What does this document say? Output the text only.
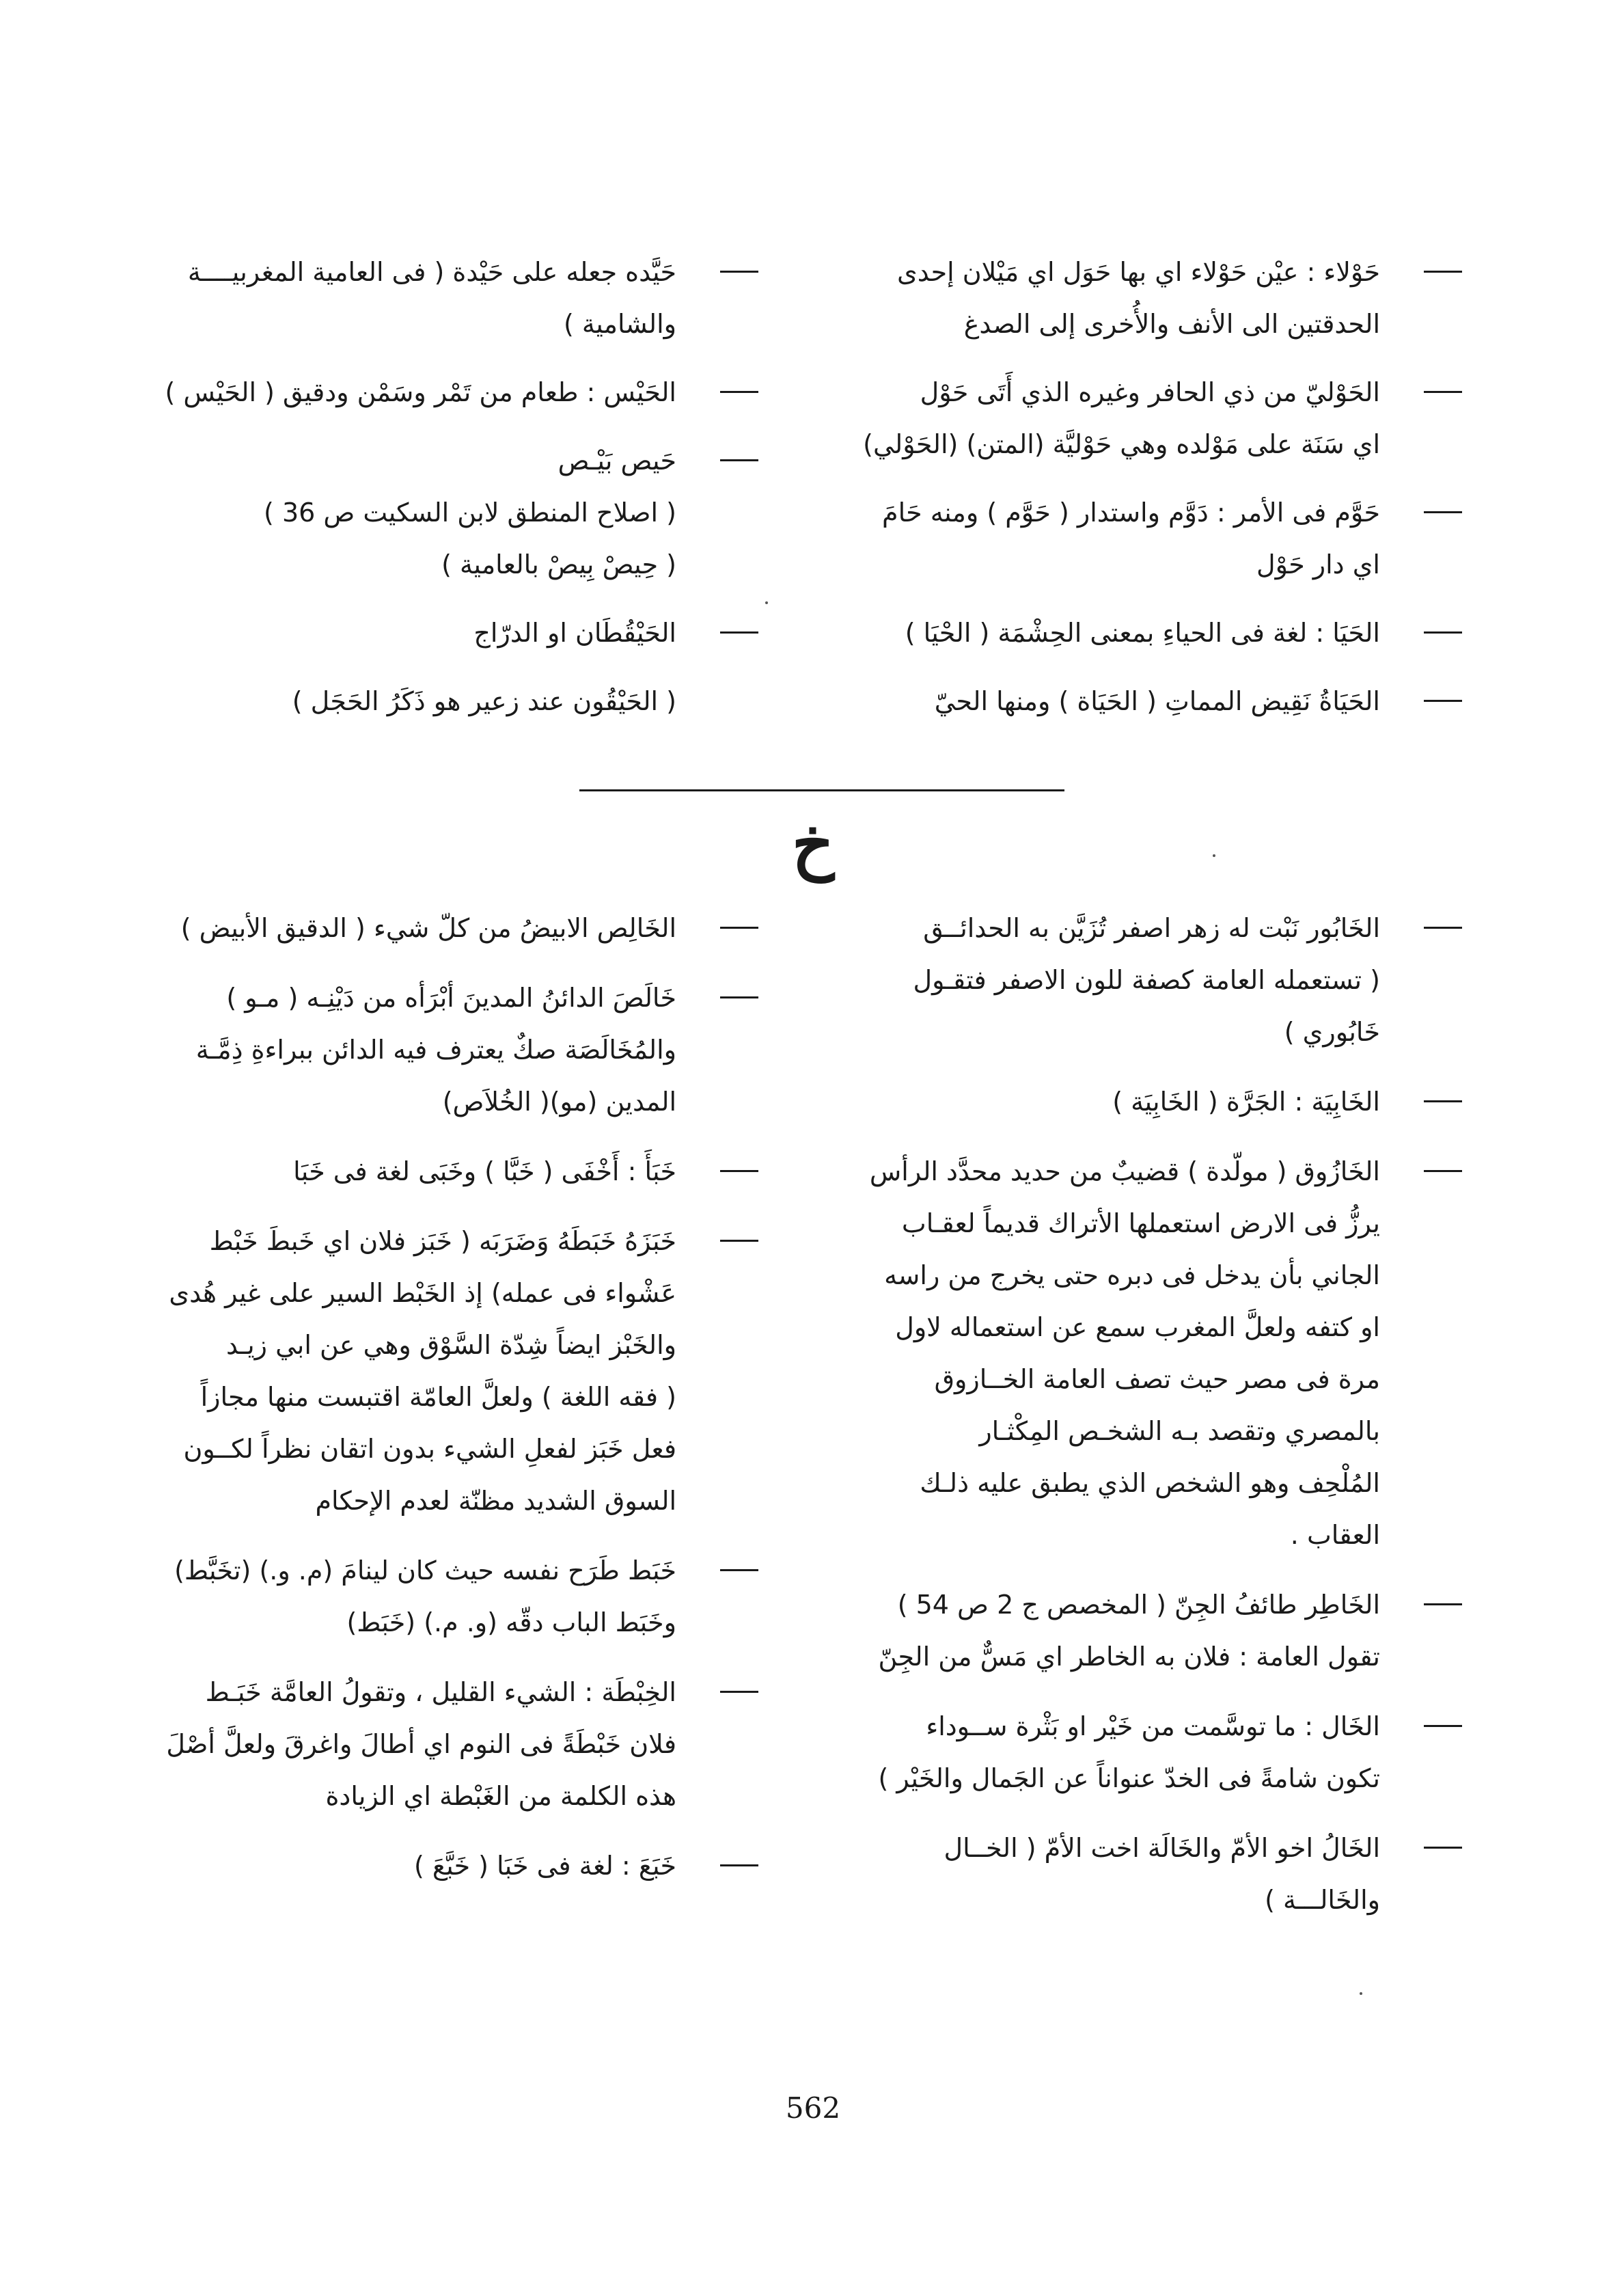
حَوْلاء : عيْن حَوْلاء اي بها حَوَل اي مَيْلان إحدى
الحدقتين الى الأنف والأُخرى إلى الصدغ
الحَوْليّ من ذي الحافر وغيره الذي أَتَى حَوْل
اي سَنَة على مَوْلده وهي حَوْليَّة (المتن) (الحَوْلي)
حَوَّم فى الأمر : دَوَّم واستدار ( حَوَّم ) ومنه حَامَ
اي دار حَوْل
الحَيَا : لغة فى الحياءِ بمعنى الحِشْمَة ( الحْيَا )
الحَيَاةُ نَقِيض المماتِ ( الحَيَاة ) ومنها الحيّ
حَيَّده جعله على حَيْدة ( فى العامية المغربيــــة
والشامية )
الحَيْس : طعام من تَمْر وسَمْن ودقيق ( الحَيْس )
حَيص بَيْـص
( اصلاح المنطق لابن السكيت ص 36 )
( حِيصْ بِيصْ بالعامية )
الحَيْقُطَان او الدرّاج
( الحَيْقُون عند زعير هو ذَكَرُ الحَجَل )
خ
الخَابُور نَبْت له زهر اصفر تُزَيَّن به الحدائــق
( تستعمله العامة كصفة للون الاصفر فتقـول
خَابُوري )
الخَابِيَة : الجَرَّة ( الخَابِيَة )
الخَازُوق ( مولّدة ) قضيبٌ من حديد محدَّد الرأس
يرزُّ فى الارض استعملها الأتراك قديماً لعقـاب
الجاني بأن يدخل فى دبره حتى يخرج من راسه
او كتفه ولعلَّ المغرب سمع عن استعماله لاول
مرة فى مصر حيث تصف العامة الخــازوق
بالمصري وتقصد بـه الشخـص المِكْثـار
المُلْحِف وهو الشخص الذي يطبق عليه ذلـك
العقاب .
الخَاطِر طائفُ الجِنّ ( المخصص ج 2 ص 54 )
تقول العامة : فلان به الخاطر اي مَسٌّ من الجِنّ
الخَال : ما توسَّمت من خَيْر او بَثْرة ســوداء
تكون شامةً فى الخدّ عنواناً عن الجَمال والخَيْر )
الخَالُ اخو الأمّ والخَالَة اخت الأمّ ( الخــال
والخَالـــة )
الخَالِص الابيضُ من كلّ شيء ( الدقيق الأبيض )
خَالَصَ الدائنُ المدينَ أبْرَأه من دَيْنِـه ( مـو )
والمُخَالَصَة صكٌ يعترف فيه الدائن ببراءةِ ذِمَّـة
المدين (مو)( الخُلاَص)
خَبَأَ : أَخْفَى ( خَبَّا ) وخَبَى لغة فى خَبَا
خَبَزَهُ خَبَطَهُ وَضَرَبَه ( خَبَز فلان اي خَبطَ خَبْط
عَشْواء فى عمله) إذ الخَبْط السير على غير هُدى
والخَبْز ايضاً شِدّة السَّوْق وهي عن ابي زيـد
( فقه اللغة ) ولعلَّ العامّة اقتبست منها مجازاً
فعل خَبَز لفعلِ الشيء بدون اتقان نظراً لكــون
السوق الشديد مظنّة لعدم الإحكام
خَبَط طَرَح نفسه حيث كان لينامَ (م. و.) (تخَبَّط)
وخَبَط الباب دقّه (و. م.) (خَبَط)
الخِبْطَة : الشيء القليل ، وتقولُ العامَّة خَبَـط
فلان خَبْطَةً فى النوم اي أطالَ واغرقَ ولعلَّ أصْلَ
هذه الكلمة من الغَبْطة اي الزيادة
خَبَعَ : لغة فى خَبَا ( خَبَّعَ )
562
